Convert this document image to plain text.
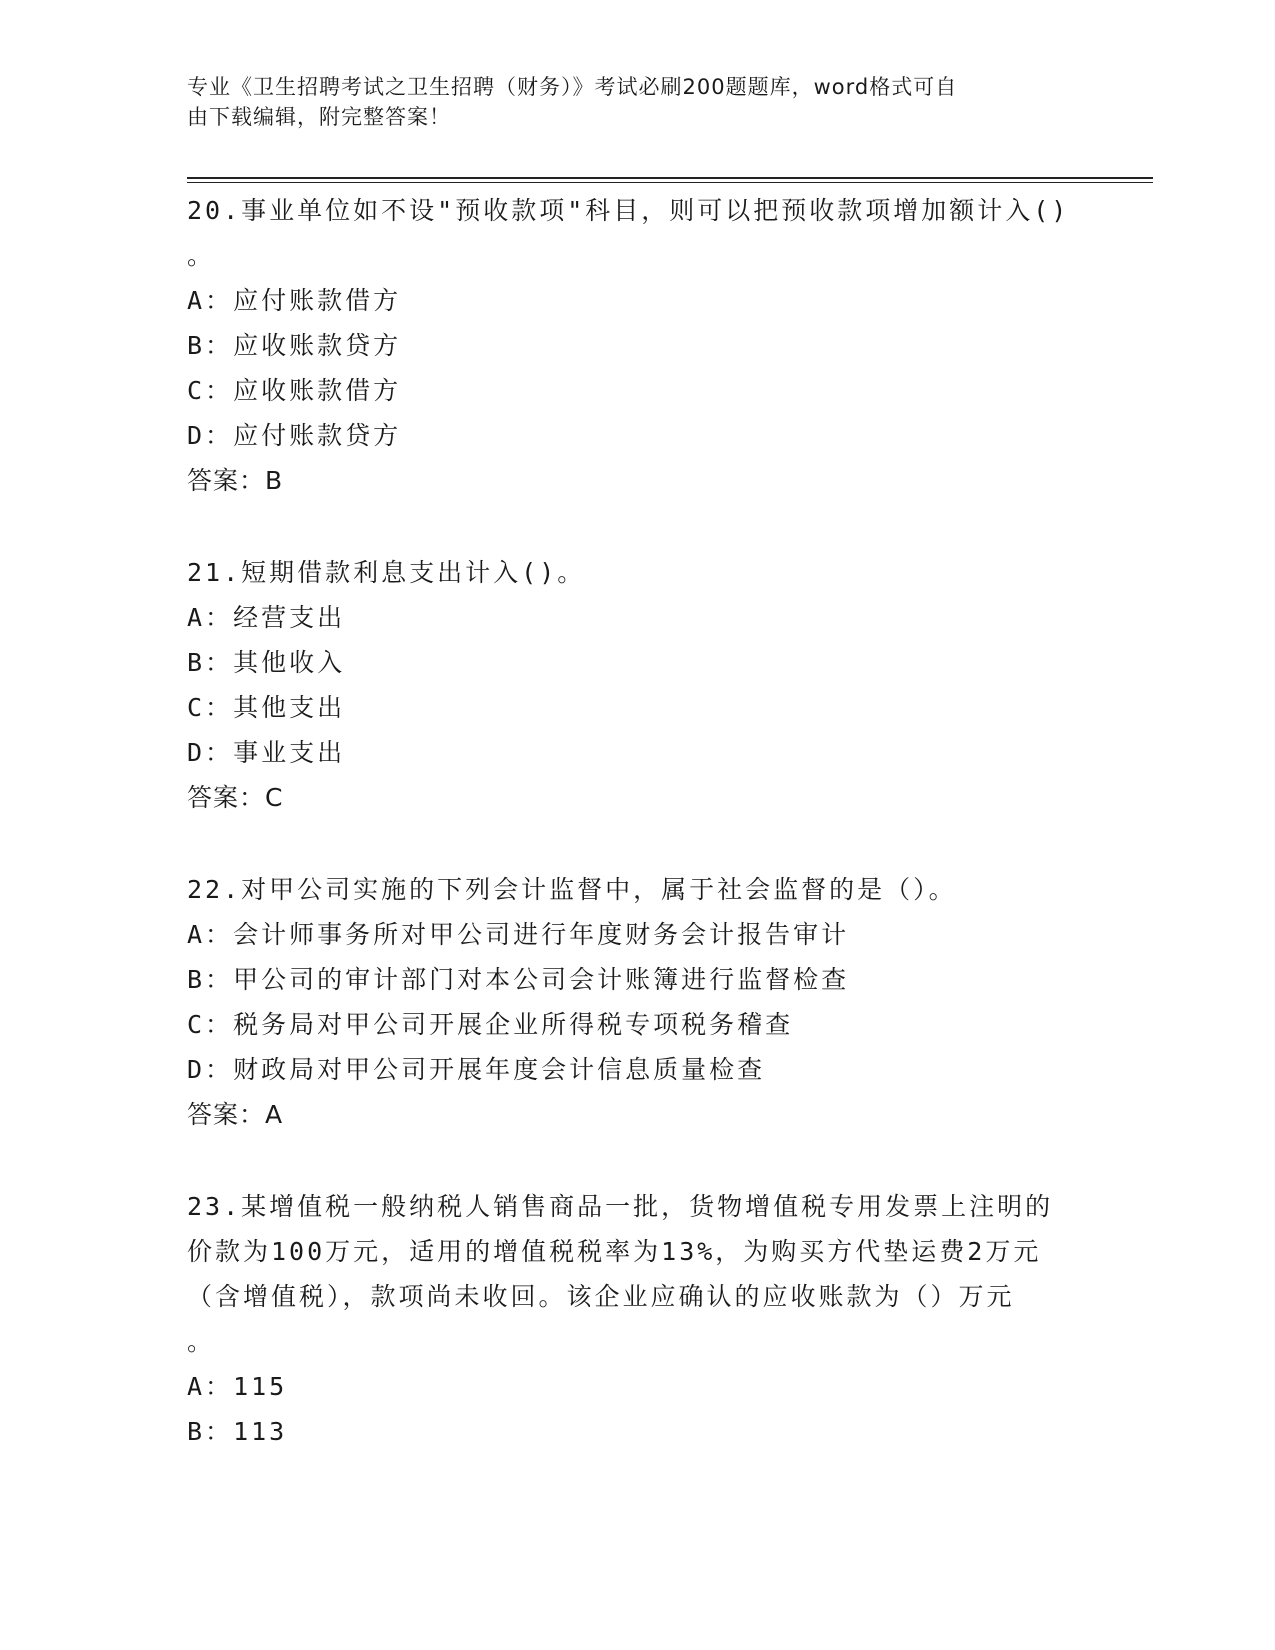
专业《卫生招聘考试之卫生招聘（财务）》考试必刷200题题库，word格式可自
由下载编辑，附完整答案！

20.事业单位如不设"预收款项"科目，则可以把预收款项增加额计入()

。

A：应付账款借方

B：应收账款贷方

C：应收账款借方

D：应付账款贷方

答案：B

21.短期借款利息支出计入()。

A：经营支出

B：其他收入

C：其他支出

D：事业支出

答案：C

22.对甲公司实施的下列会计监督中，属于社会监督的是（）。

A：会计师事务所对甲公司进行年度财务会计报告审计

B：甲公司的审计部门对本公司会计账簿进行监督检查

C：税务局对甲公司开展企业所得税专项税务稽查

D：财政局对甲公司开展年度会计信息质量检查

答案：A

23.某增值税一般纳税人销售商品一批，货物增值税专用发票上注明的

价款为100万元，适用的增值税税率为13%，为购买方代垫运费2万元

（含增值税），款项尚未收回。该企业应确认的应收账款为（）万元

。

A：115

B：113
